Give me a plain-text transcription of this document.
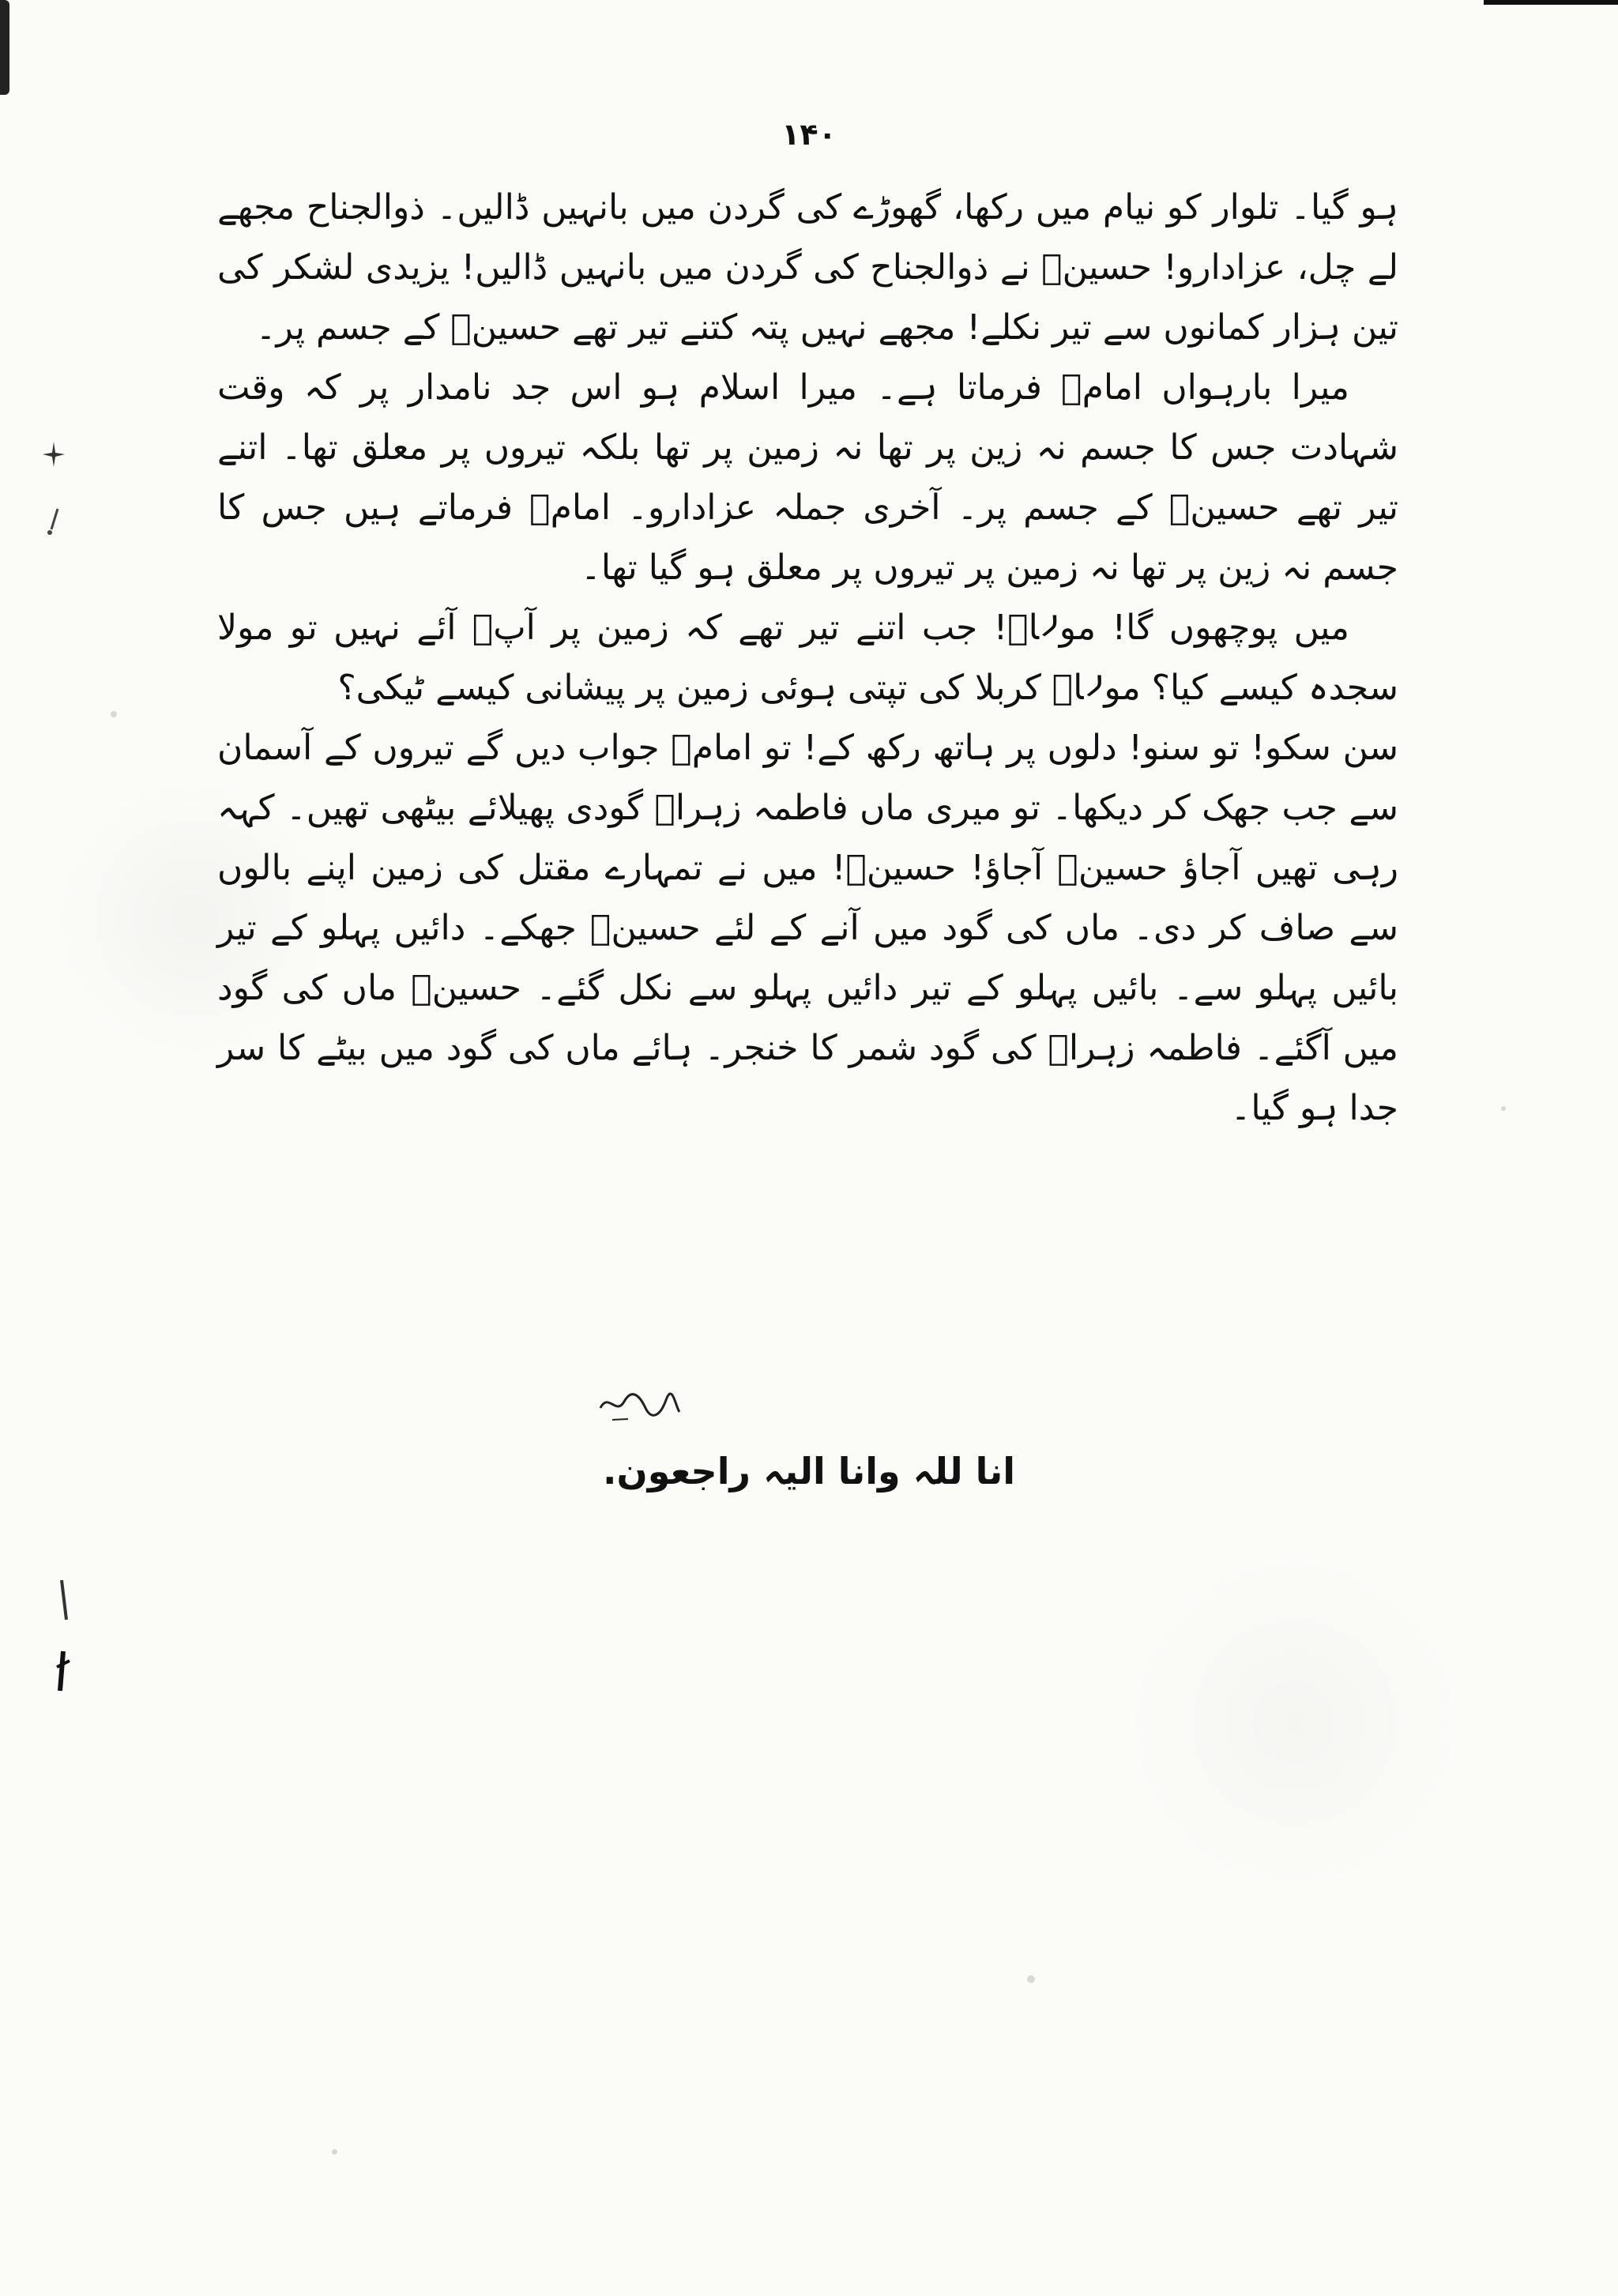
۱۴۰

ہو گیا۔ تلوار کو نیام میں رکھا، گھوڑے کی گردن میں بانہیں ڈالیں۔ ذوالجناح مجھے لے چل، عزادارو! حسینؑ نے ذوالجناح کی گردن میں بانہیں ڈالیں! یزیدی لشکر کی تین ہزار کمانوں سے تیر نکلے! مجھے نہیں پتہ کتنے تیر تھے حسینؑ کے جسم پر۔

میرا بارہواں امامؑ فرماتا ہے۔ میرا اسلام ہو اس جد نامدار پر کہ وقت شہادت جس کا جسم نہ زین پر تھا نہ زمین پر تھا بلکہ تیروں پر معلق تھا۔ اتنے تیر تھے حسینؑ کے جسم پر۔ آخری جملہ عزادارو۔ امامؑ فرماتے ہیں جس کا جسم نہ زین پر تھا نہ زمین پر تیروں پر معلق ہو گیا تھا۔

میں پوچھوں گا! مولاؑ! جب اتنے تیر تھے کہ زمین پر آپؑ آئے نہیں تو مولا سجدہ کیسے کیا؟ مولاؑ کربلا کی تپتی ہوئی زمین پر پیشانی کیسے ٹیکی؟

سن سکو! تو سنو! دلوں پر ہاتھ رکھ کے! تو امامؑ جواب دیں گے تیروں کے آسمان سے جب جھک کر دیکھا۔ تو میری ماں فاطمہ زہراؑ گودی پھیلائے بیٹھی تھیں۔ کہہ رہی تھیں آجاؤ حسینؑ آجاؤ! حسینؑ! میں نے تمہارے مقتل کی زمین اپنے بالوں سے صاف کر دی۔ ماں کی گود میں آنے کے لئے حسینؑ جھکے۔ دائیں پہلو کے تیر بائیں پہلو سے۔ بائیں پہلو کے تیر دائیں پہلو سے نکل گئے۔ حسینؑ ماں کی گود میں آگئے۔ فاطمہ زہراؑ کی گود شمر کا خنجر۔ ہائے ماں کی گود میں بیٹے کا سر جدا ہو گیا۔

انا للہ وانا الیہ راجعون.
